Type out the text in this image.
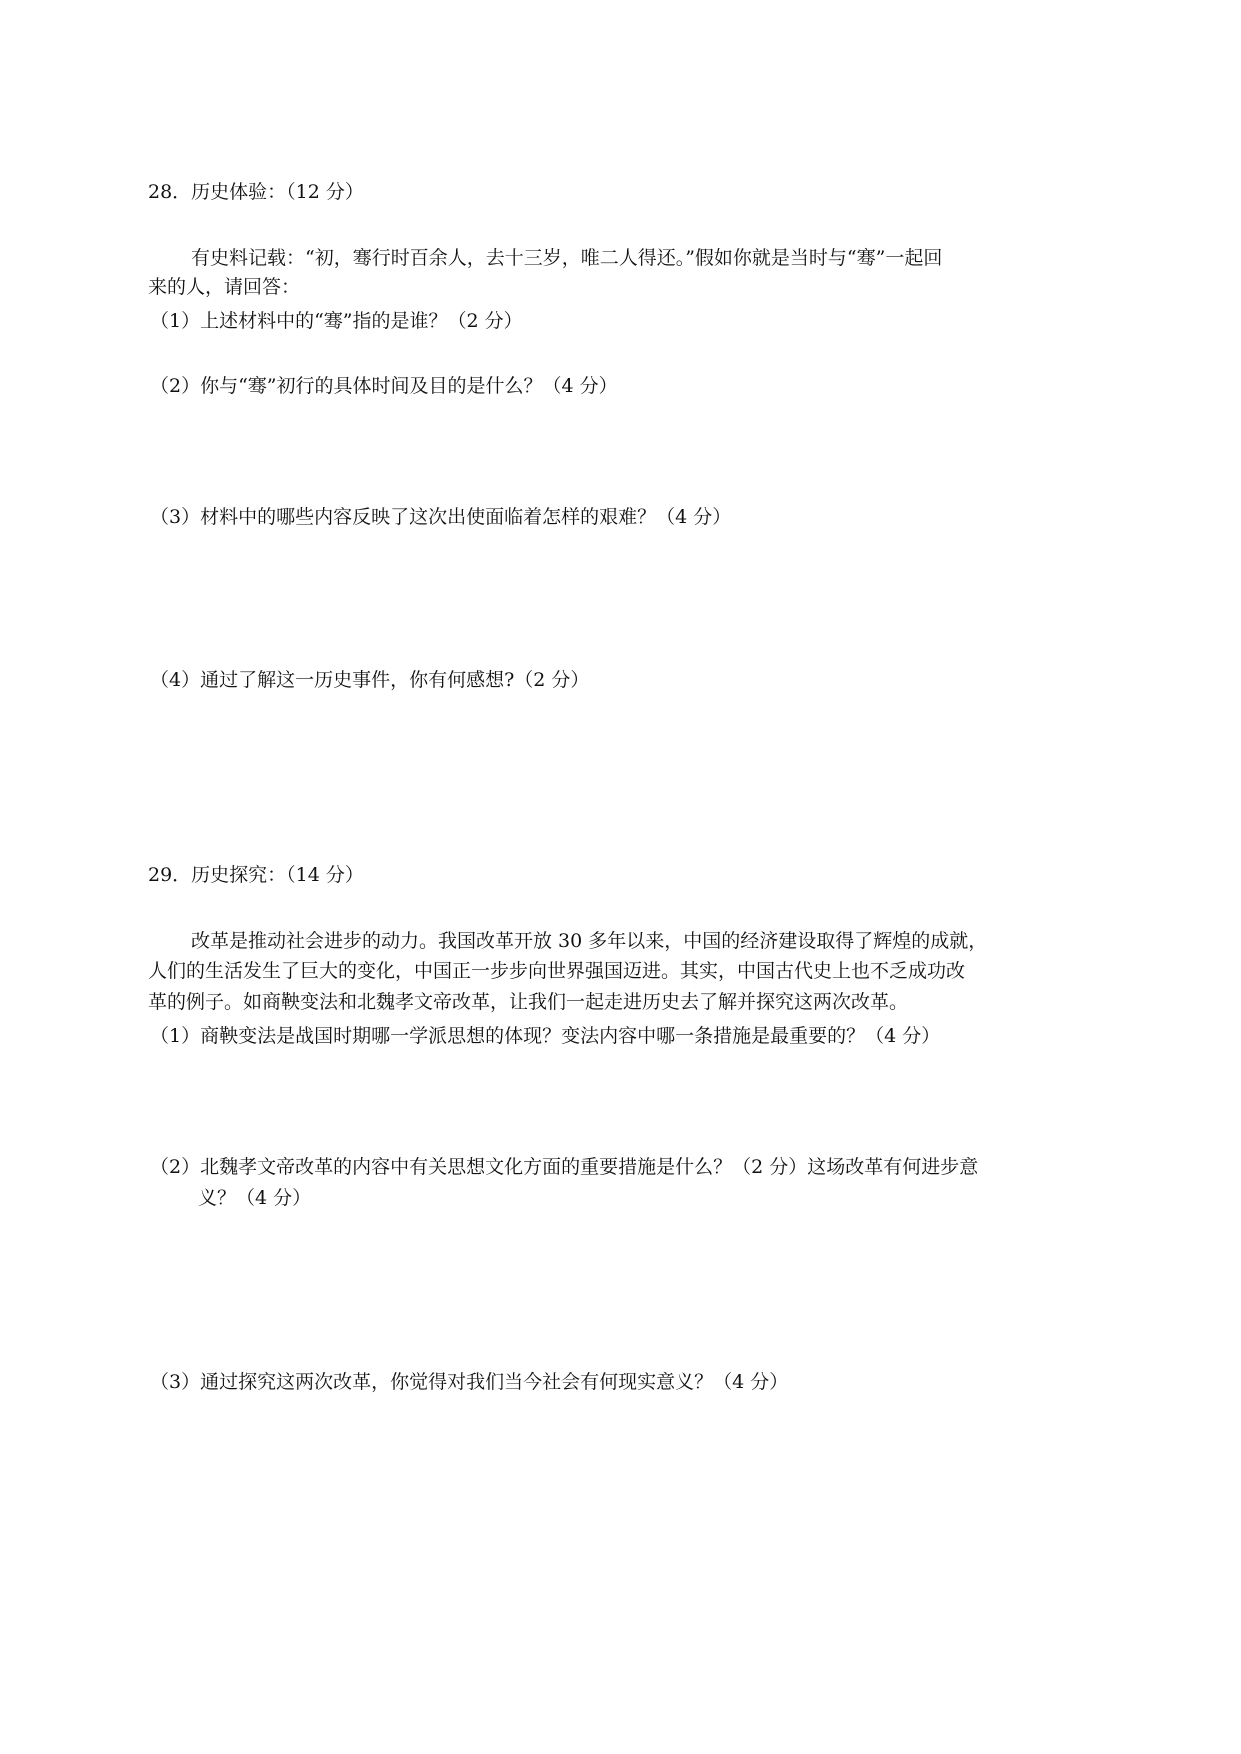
28．历史体验：（12 分）
有史料记载：“初，骞行时百余人，去十三岁，唯二人得还。”假如你就是当时与“骞”一起回
来的人，请回答：
（1）上述材料中的“骞”指的是谁？（2 分）
（2）你与“骞”初行的具体时间及目的是什么？（4 分）
（3）材料中的哪些内容反映了这次出使面临着怎样的艰难？（4 分）
（4）通过了解这一历史事件，你有何感想?（2 分）
29．历史探究：（14 分）
改革是推动社会进步的动力。我国改革开放 30 多年以来，中国的经济建设取得了辉煌的成就，
人们的生活发生了巨大的变化，中国正一步步向世界强国迈进。其实，中国古代史上也不乏成功改
革的例子。如商鞅变法和北魏孝文帝改革，让我们一起走进历史去了解并探究这两次改革。
（1）商鞅变法是战国时期哪一学派思想的体现？变法内容中哪一条措施是最重要的？（4 分）
（2）北魏孝文帝改革的内容中有关思想文化方面的重要措施是什么？（2 分）这场改革有何进步意
义？（4 分）
（3）通过探究这两次改革，你觉得对我们当今社会有何现实意义？（4 分）
